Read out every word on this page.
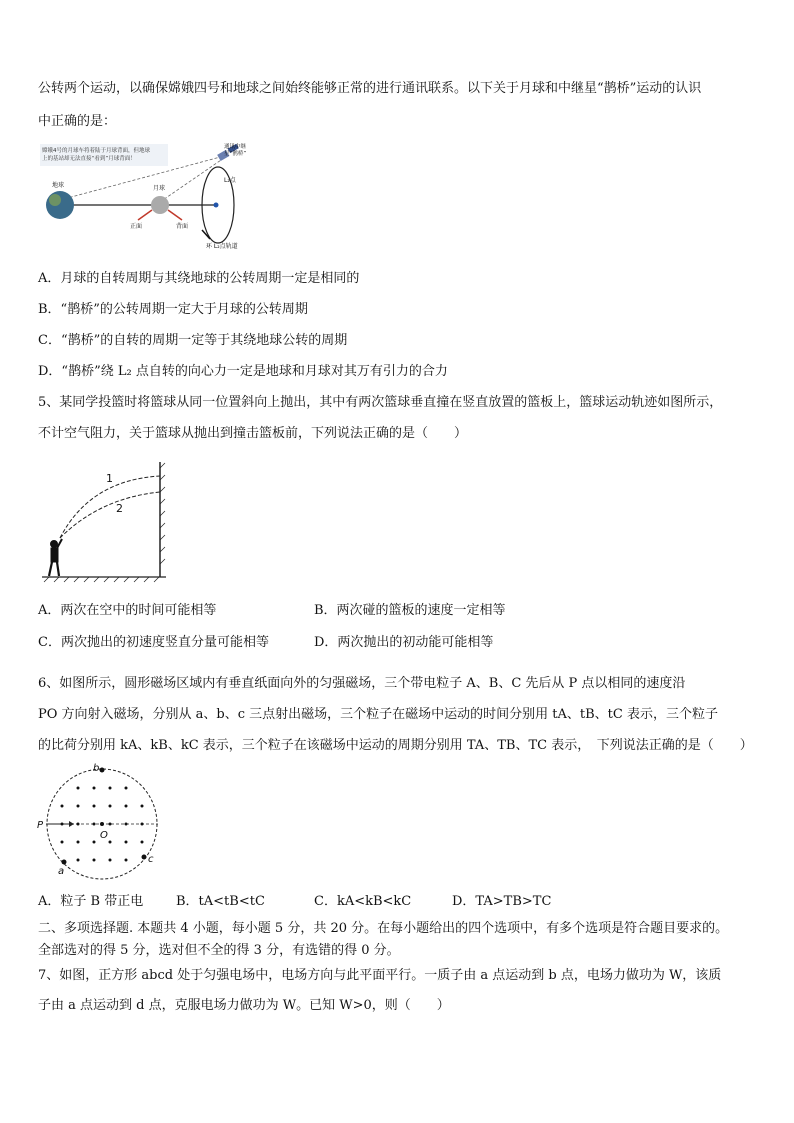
公转两个运动，以确保嫦娥四号和地球之间始终能够正常的进行通讯联系。以下关于月球和中继星“鹊桥”运动的认识
中正确的是：
嫦娥4号的月球车将着陆于月球背面，但地球
上的基站却无法直接“看到”月球背面！
地球	月球
正面	背面
L₂点
通讯中继
星“鹊桥”
环 L₂点轨道
A．月球的自转周期与其绕地球的公转周期一定是相同的
B．“鹊桥”的公转周期一定大于月球的公转周期
C．“鹊桥”的自转的周期一定等于其绕地球公转的周期
D．“鹊桥”绕 L₂ 点自转的向心力一定是地球和月球对其万有引力的合力
5、某同学投篮时将篮球从同一位置斜向上抛出，其中有两次篮球垂直撞在竖直放置的篮板上，篮球运动轨迹如图所示，
不计空气阻力，关于篮球从抛出到撞击篮板前，下列说法正确的是（　　）
1
2
A．两次在空中的时间可能相等	B．两次碰的篮板的速度一定相等
C．两次抛出的初速度竖直分量可能相等	D．两次抛出的初动能可能相等
6、如图所示，圆形磁场区域内有垂直纸面向外的匀强磁场，三个带电粒子 A、B、C 先后从 P 点以相同的速度沿
PO 方向射入磁场，分别从 a、b、c 三点射出磁场，三个粒子在磁场中运动的时间分别用 tA、tB、tC 表示，三个粒子
的比荷分别用 kA、kB、kC 表示，三个粒子在该磁场中运动的周期分别用 TA、TB、TC 表示，　下列说法正确的是（　　）
P
O
b
a
c
A．粒子 B 带正电	B．tA<tB<tC	C．kA<kB<kC	D．TA>TB>TC
二、多项选择题. 本题共 4 小题，每小题 5 分，共 20 分。在每小题给出的四个选项中，有多个选项是符合题目要求的。
全部选对的得 5 分，选对但不全的得 3 分，有选错的得 0 分。
7、如图，正方形 abcd 处于匀强电场中，电场方向与此平面平行。一质子由 a 点运动到 b 点，电场力做功为 W，该质
子由 a 点运动到 d 点，克服电场力做功为 W。已知 W>0，则（　　）
